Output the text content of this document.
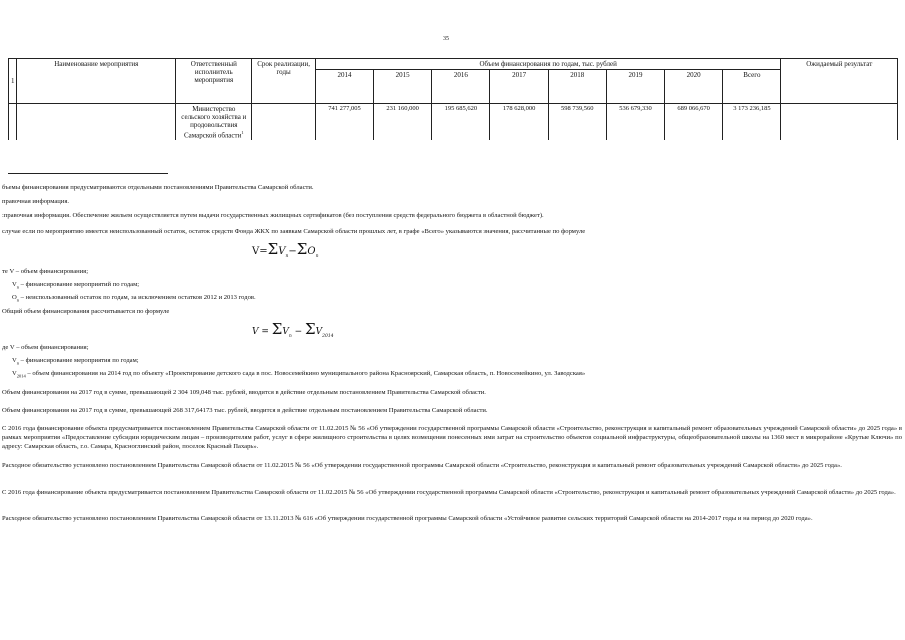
35
1	Наименование мероприятия	Ответственный исполнитель мероприятия	Срок реализации, годы	Объем финансирования по годам, тыс. рублей								Ожидаемый результат
				2014	2015	2016	2017	2018	2019	2020	Всего	
		Министерство сельского хозяйства и продовольствия Самарской области$^1$		741 277,005	231 160,000	195 685,620	178 628,000	598 739,560	536 679,330	689 066,670	3 173 236,185	
бъемы финансирования предусматриваются отдельными постановлениями Правительства Самарской области.
правочная информация.
:правочная информация. Обеспечение жильем осуществляется путем выдачи государственных жилищных сертификатов (без поступления средств федерального бюджета в областной бюджет).
случае если по мероприятию имеется неиспользованный остаток, остаток средств Фонда ЖКХ по заявкам Самарской области прошлых лет, в графе «Всего» указываются значения, рассчитанные по формуле
$V=\Sigma V_n-\Sigma O_n$
те V – объем финансирования;
$V_n$ – финансирование мероприятий по годам;
$O_n$ – неиспользованный остаток по годам, за исключением остатков 2012 и 2013 годов.
Общий объем финансирования рассчитывается по формуле
$V = \Sigma V_n - \Sigma V_{2014}$
де V – объем финансирования;
$V_n$ – финансирование мероприятия по годам;
$V_{2014}$ – объем финансирования на 2014 год по объекту «Проектирование детского сада в пос. Новосемейкино муниципального района Красноярский, Самарская область, п. Новосемейкино, ул. Заводская»
Объем финансирования на 2017 год в сумме, превышающей 2 304 109,048 тыс. рублей, вводится в действие отдельным постановлением Правительства Самарской области.
Объем финансирования на 2017 год в сумме, превышающей 268 317,64173 тыс. рублей, вводится в действие отдельным постановлением Правительства Самарской области.
С 2016 года финансирование объекта предусматривается постановлением Правительства Самарской области от 11.02.2015 № 56 «Об утверждении государственной программы Самарской области «Строительство, реконструкция и капитальный ремонт образовательных учреждений Самарской области» до 2025 года» в рамках мероприятия «Предоставление субсидии юридическим лицам – производителям работ, услуг в сфере жилищного строительства в целях возмещения понесенных ими затрат на строительство объектов социальной инфраструктуры, общеобразовательной школы на 1360 мест в микрорайоне «Крутые Ключи» по адресу: Самарская область, г.о. Самара, Красноглинский район, поселок Красный Пахарь».
Расходное обязательство установлено постановлением Правительства Самарской области от 11.02.2015 № 56 «Об утверждении государственной программы Самарской области «Строительство, реконструкция и капитальный ремонт образовательных учреждений Самарской области» до 2025 года».
С 2016 года финансирование объекта предусматривается постановлением Правительства Самарской области от 11.02.2015 № 56 «Об утверждении государственной программы Самарской области «Строительство, реконструкция и капитальный ремонт образовательных учреждений Самарской области» до 2025 года».
Расходное обязательство установлено постановлением Правительства Самарской области от 13.11.2013 № 616 «Об утверждении государственной программы Самарской области «Устойчивое развитие сельских территорий Самарской области на 2014-2017 годы и на период до 2020 года».
